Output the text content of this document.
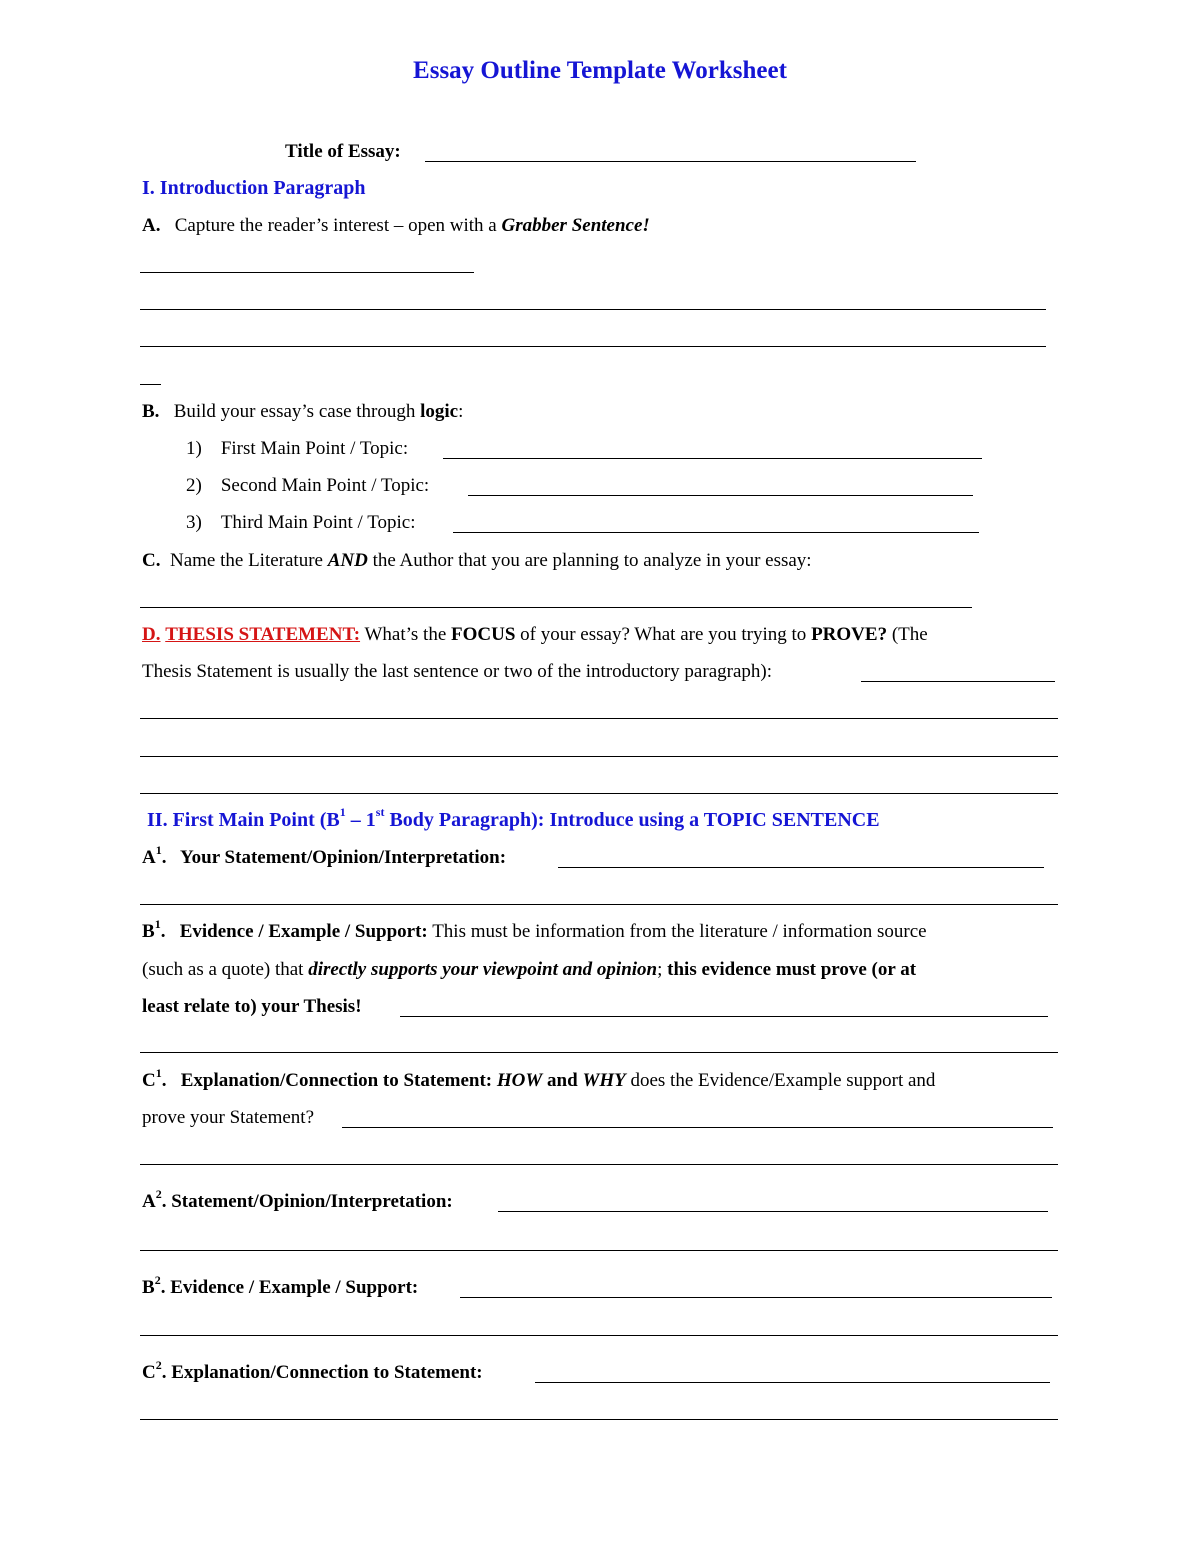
Essay Outline Template Worksheet
Title of Essay:
I. Introduction Paragraph
A. Capture the reader’s interest – open with a Grabber Sentence!
B. Build your essay’s case through logic:
1) First Main Point / Topic:
2) Second Main Point / Topic:
3) Third Main Point / Topic:
C. Name the Literature AND the Author that you are planning to analyze in your essay:
D. THESIS STATEMENT: What’s the FOCUS of your essay? What are you trying to PROVE? (The
Thesis Statement is usually the last sentence or two of the introductory paragraph):
II. First Main Point ($B^1 - 1st$ Body Paragraph): Introduce using a TOPIC SENTENCE
$A^1$.   Your Statement/Opinion/Interpretation:
$B^1$.   Evidence / Example / Support: This must be information from the literature / information source
(such as a quote) that directly supports your viewpoint and opinion; this evidence must prove (or at
least relate to) your Thesis!
$C^1$.   Explanation/Connection to Statement: HOW and WHY does the Evidence/Example support and
prove your Statement?
$A^2$. Statement/Opinion/Interpretation:
$B^2$. Evidence / Example / Support:
$C^2$. Explanation/Connection to Statement:
